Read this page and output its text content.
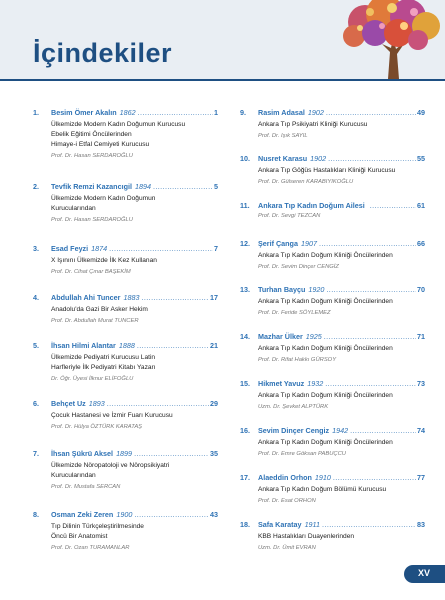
İçindekiler
1.	Besim Ömer Akalın 1862 .....	1
Ülkemizde Modern Kadın Doğumun Kurucusu
Ebelik Eğitimi Öncülerinden
Himaye-i Etfal Cemiyeti Kurucusu
Prof. Dr. Hasan SERDAROĞLU
2.	Tevfik Remzi Kazancıgil 1894 .....	5
Ülkemizde Modern Kadın Doğumun
Kurucularından
Prof. Dr. Hasan SERDAROĞLU
3.	Esad Feyzi 1874 .....	7
X Işınını Ülkemizde İlk Kez Kullanan
Prof. Dr. Cihat Çınar BAŞEKİM
4.	Abdullah Ahi Tuncer 1883 .....	17
Anadolu'da Gazi Bir Asker Hekim
Prof. Dr. Abdullah Murat TUNCER
5.	İhsan Hilmi Alantar 1888 .....	21
Ülkemizde Pediyatri Kurucusu Latin
Harfleriyle İlk Pediyatri Kitabı Yazarı
Dr. Öğr. Üyesi İlknur ELİFOĞLU
6.	Behçet Uz 1893 .....	29
Çocuk Hastanesi ve İzmir Fuarı Kurucusu
Prof. Dr. Hülya ÖZTÜRK KARATAŞ
7.	İhsan Şükrü Aksel 1899 .....	35
Ülkemizde Nöropatoloji ve Nöropsikiyatri
Kurucularından
Prof. Dr. Mustafa SERCAN
8.	Osman Zeki Zeren 1900 .....	43
Tıp Dilinin Türkçeleştirilmesinde
Öncü Bir Anatomist
Prof. Dr. Ozan TURAMANLAR
9.	Rasim Adasal 1902 .....	49
Ankara Tıp Psikiyatri Kliniği Kurucusu
Prof. Dr. Işık SAYIL
10.	Nusret Karasu 1902 .....	55
Ankara Tıp Göğüs Hastalıkları Kliniği Kurucusu
Prof. Dr. Gülseren KARABIYIKOĞLU
11.	Ankara Tıp Kadın Doğum Ailesi .....	61
Prof. Dr. Sevgi TEZCAN
12.	Şerif Çanga 1907 .....	66
Ankara Tıp Kadın Doğum Kliniği Öncülerinden
Prof. Dr. Sevim Dinçer CENGİZ
13.	Turhan Bayçu 1920 .....	70
Ankara Tıp Kadın Doğum Kliniği Öncülerinden
Prof. Dr. Feride SÖYLEMEZ
14.	Mazhar Ülker 1925 .....	71
Ankara Tıp Kadın Doğum Kliniği Öncülerinden
Prof. Dr. Rifat Hakkı GÜRSOY
15.	Hikmet Yavuz 1932 .....	73
Ankara Tıp Kadın Doğum Kliniği Öncülerinden
Uzm. Dr. Şevket ALPTÜRK
16.	Sevim Dinçer Cengiz 1942 .....	74
Ankara Tıp Kadın Doğum Kliniği Öncülerinden
Prof. Dr. Emre Göksan PABUÇCU
17.	Alaeddin Orhon 1910 .....	77
Ankara Tıp Kadın Doğum Bölümü Kurucusu
Prof. Dr. Esat ORHON
18.	Safa Karatay 1911 .....	83
KBB Hastalıkları Duayenlerinden
Uzm. Dr. Ümit EVRAN
XV
